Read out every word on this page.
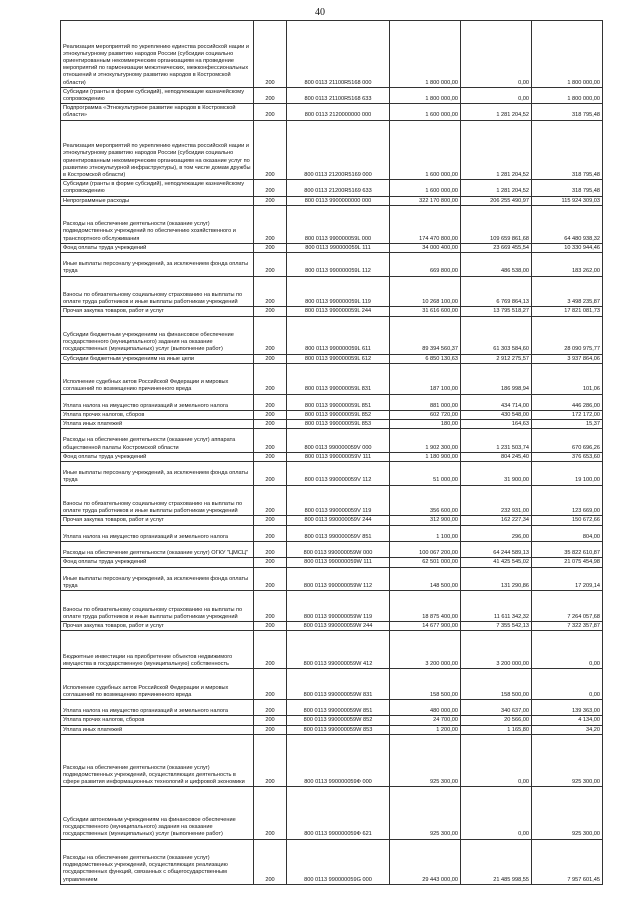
40
Реализация мероприятий по укреплению единства российской нации и этнокультурному развитию народов России (субсидии социально ориентированным некоммерческим организациям на проведение мероприятий по гармонизации межэтнических, межконфессиональных отношений и этнокультурному развитию народов в Костромской области)	200	800 0113 21100R5168 000	1 800 000,00	0,00	1 800 000,00
Субсидии (гранты в форме субсидий), неподлежащие казначейскому сопровождению	200	800 0113 21100R5168 633	1 800 000,00	0,00	1 800 000,00
Подпрограмма «Этнокультурное развитие народов в Костромской области»	200	800 0113 2120000000 000	1 600 000,00	1 281 204,52	318 795,48
Реализация мероприятий по укреплению единства российской нации и этнокультурному развитию народов России (субсидии социально ориентированным некоммерческим организациям на оказание услуг по развитию этнокультурной инфраструктуры), в том числе домам дружбы в Костромской области)	200	800 0113 21200R5169 000	1 600 000,00	1 281 204,52	318 795,48
Субсидии (гранты в форме субсидий), неподлежащие казначейскому сопровождению	200	800 0113 21200R5169 633	1 600 000,00	1 281 204,52	318 795,48
Непрограммные расходы	200	800 0113 9900000000 000	322 170 800,00	206 255 490,97	115 924 309,03
Расходы на обеспечение деятельности (оказание услуг) подведомственных учреждений по обеспечению хозяйственного и транспортного обслуживания	200	800 0113 990000059L 000	174 470 800,00	109 659 861,68	64 480 938,32
Фонд оплаты труда учреждений	200	800 0113 990000059L 111	34 000 400,00	23 669 455,54	10 330 944,46
Иные выплаты персоналу учреждений, за исключением фонда оплаты труда	200	800 0113 990000059L 112	669 800,00	486 538,00	183 262,00
Взносы по обязательному социальному страхованию на выплаты по оплате труда работников и иные выплаты работникам учреждений	200	800 0113 990000059L 119	10 268 100,00	6 769 864,13	3 498 235,87
Прочая закупка товаров, работ и услуг	200	800 0113 990000059L 244	31 616 600,00	13 795 518,27	17 821 081,73
Субсидии бюджетным учреждениям на финансовое обеспечение государственного (муниципального) задания на оказание государственных (муниципальных) услуг (выполнение работ)	200	800 0113 990000059L 611	89 394 560,37	61 303 584,60	28 090 975,77
Субсидии бюджетным учреждениям на иные цели	200	800 0113 990000059L 612	6 850 130,63	2 912 275,57	3 937 864,06
Исполнение судебных актов Российской Федерации и мировых соглашений по возмещению причиненного вреда	200	800 0113 990000059L 831	187 100,00	186 998,94	101,06
Уплата налога на имущество организаций и земельного налога	200	800 0113 990000059L 851	881 000,00	434 714,00	446 286,00
Уплата прочих налогов, сборов	200	800 0113 990000059L 852	602 720,00	430 548,00	172 172,00
Уплата иных платежей	200	800 0113 990000059L 853	180,00	164,63	15,37
Расходы на обеспечение деятельности (оказание услуг) аппарата общественной палаты Костромской области	200	800 0113 990000059V 000	1 902 300,00	1 231 503,74	670 696,26
Фонд оплаты труда учреждений	200	800 0113 990000059V 111	1 180 900,00	804 245,40	376 653,60
Иные выплаты персоналу учреждений, за исключением фонда оплаты труда	200	800 0113 990000059V 112	51 000,00	31 900,00	19 100,00
Взносы по обязательному социальному страхованию на выплаты по оплате труда работников и иные выплаты работникам учреждений	200	800 0113 990000059V 119	356 600,00	232 931,00	123 669,00
Прочая закупка товаров, работ и услуг	200	800 0113 990000059V 244	312 900,00	162 227,34	150 672,66
Уплата налога на имущество организаций и земельного налога	200	800 0113 990000059V 851	1 100,00	296,00	804,00
Расходы на обеспечение деятельности (оказание услуг) ОГКУ "ЦМСЦ"	200	800 0113 990000059W 000	100 067 200,00	64 244 589,13	35 822 610,87
Фонд оплаты труда учреждений	200	800 0113 990000059W 111	62 501 000,00	41 425 545,02	21 075 454,98
Иные выплаты персоналу учреждений, за исключением фонда оплаты труда	200	800 0113 990000059W 112	148 500,00	131 290,86	17 209,14
Взносы по обязательному социальному страхованию на выплаты по оплате труда работников и иные выплаты работникам учреждений	200	800 0113 990000059W 119	18 875 400,00	11 611 342,32	7 264 057,68
Прочая закупка товаров, работ и услуг	200	800 0113 990000059W 244	14 677 900,00	7 355 542,13	7 322 357,87
Бюджетные инвестиции на приобретение объектов недвижимого имущества в государственную (муниципальную) собственность	200	800 0113 990000059W 412	3 200 000,00	3 200 000,00	0,00
Исполнение судебных актов Российской Федерации и мировых соглашений по возмещению причиненного вреда	200	800 0113 990000059W 831	158 500,00	158 500,00	0,00
Уплата налога на имущество организаций и земельного налога	200	800 0113 990000059W 851	480 000,00	340 637,00	139 363,00
Уплата прочих налогов, сборов	200	800 0113 990000059W 852	24 700,00	20 566,00	4 134,00
Уплата иных платежей	200	800 0113 990000059W 853	1 200,00	1 165,80	34,20
Расходы на обеспечение деятельности (оказание услуг) подведомственных учреждений, осуществляющих деятельность в сфере развития информационных технологий и цифровой экономики	200	800 0113 990000059Ф 000	925 300,00	0,00	925 300,00
Субсидии автономным учреждениям на финансовое обеспечение государственного (муниципального) задания на оказание государственных (муниципальных) услуг (выполнение работ)	200	800 0113 990000059Ф 621	925 300,00	0,00	925 300,00
Расходы на обеспечение деятельности (оказание услуг) подведомственных учреждений, осуществляющих реализацию государственных функций, связанных с общегосударственным управлением	200	800 0113 990000059G 000	29 443 000,00	21 485 998,55	7 957 601,45
